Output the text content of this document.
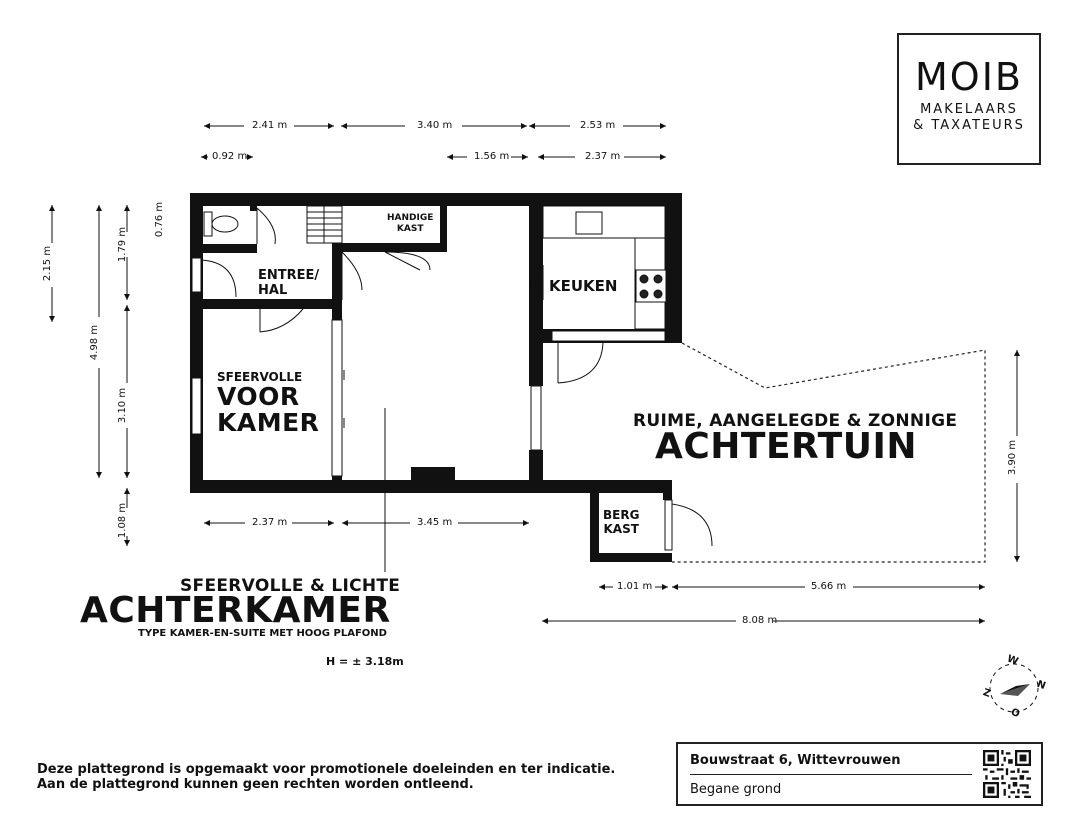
2.41 m	3.40 m	2.53 m
0.92 m	1.56 m	2.37 m
2.15 m
4.98 m
1.79 m
3.10 m
1.08 m
0.76 m
2.37 m	3.45 m
1.01 m	5.66 m
8.08 m
3.90 m
HANDIGE
KAST
ENTREE/
HAL	KEUKEN
SFEERVOLLE
VOOR
KAMER
BERG
KAST
RUIME, AANGELEGDE & ZONNIGE
ACHTERTUIN
SFEERVOLLE & LICHTE
ACHTERKAMER
TYPE KAMER-EN-SUITE MET HOOG PLAFOND
H = ± 3.18m	W
N
Z
O
MOIB
MAKELAARS
& TAXATEURS
Deze plattegrond is opgemaakt voor promotionele doeleinden en ter indicatie.
Aan de plattegrond kunnen geen rechten worden ontleend.
Bouwstraat 6, Wittevrouwen
Begane grond
